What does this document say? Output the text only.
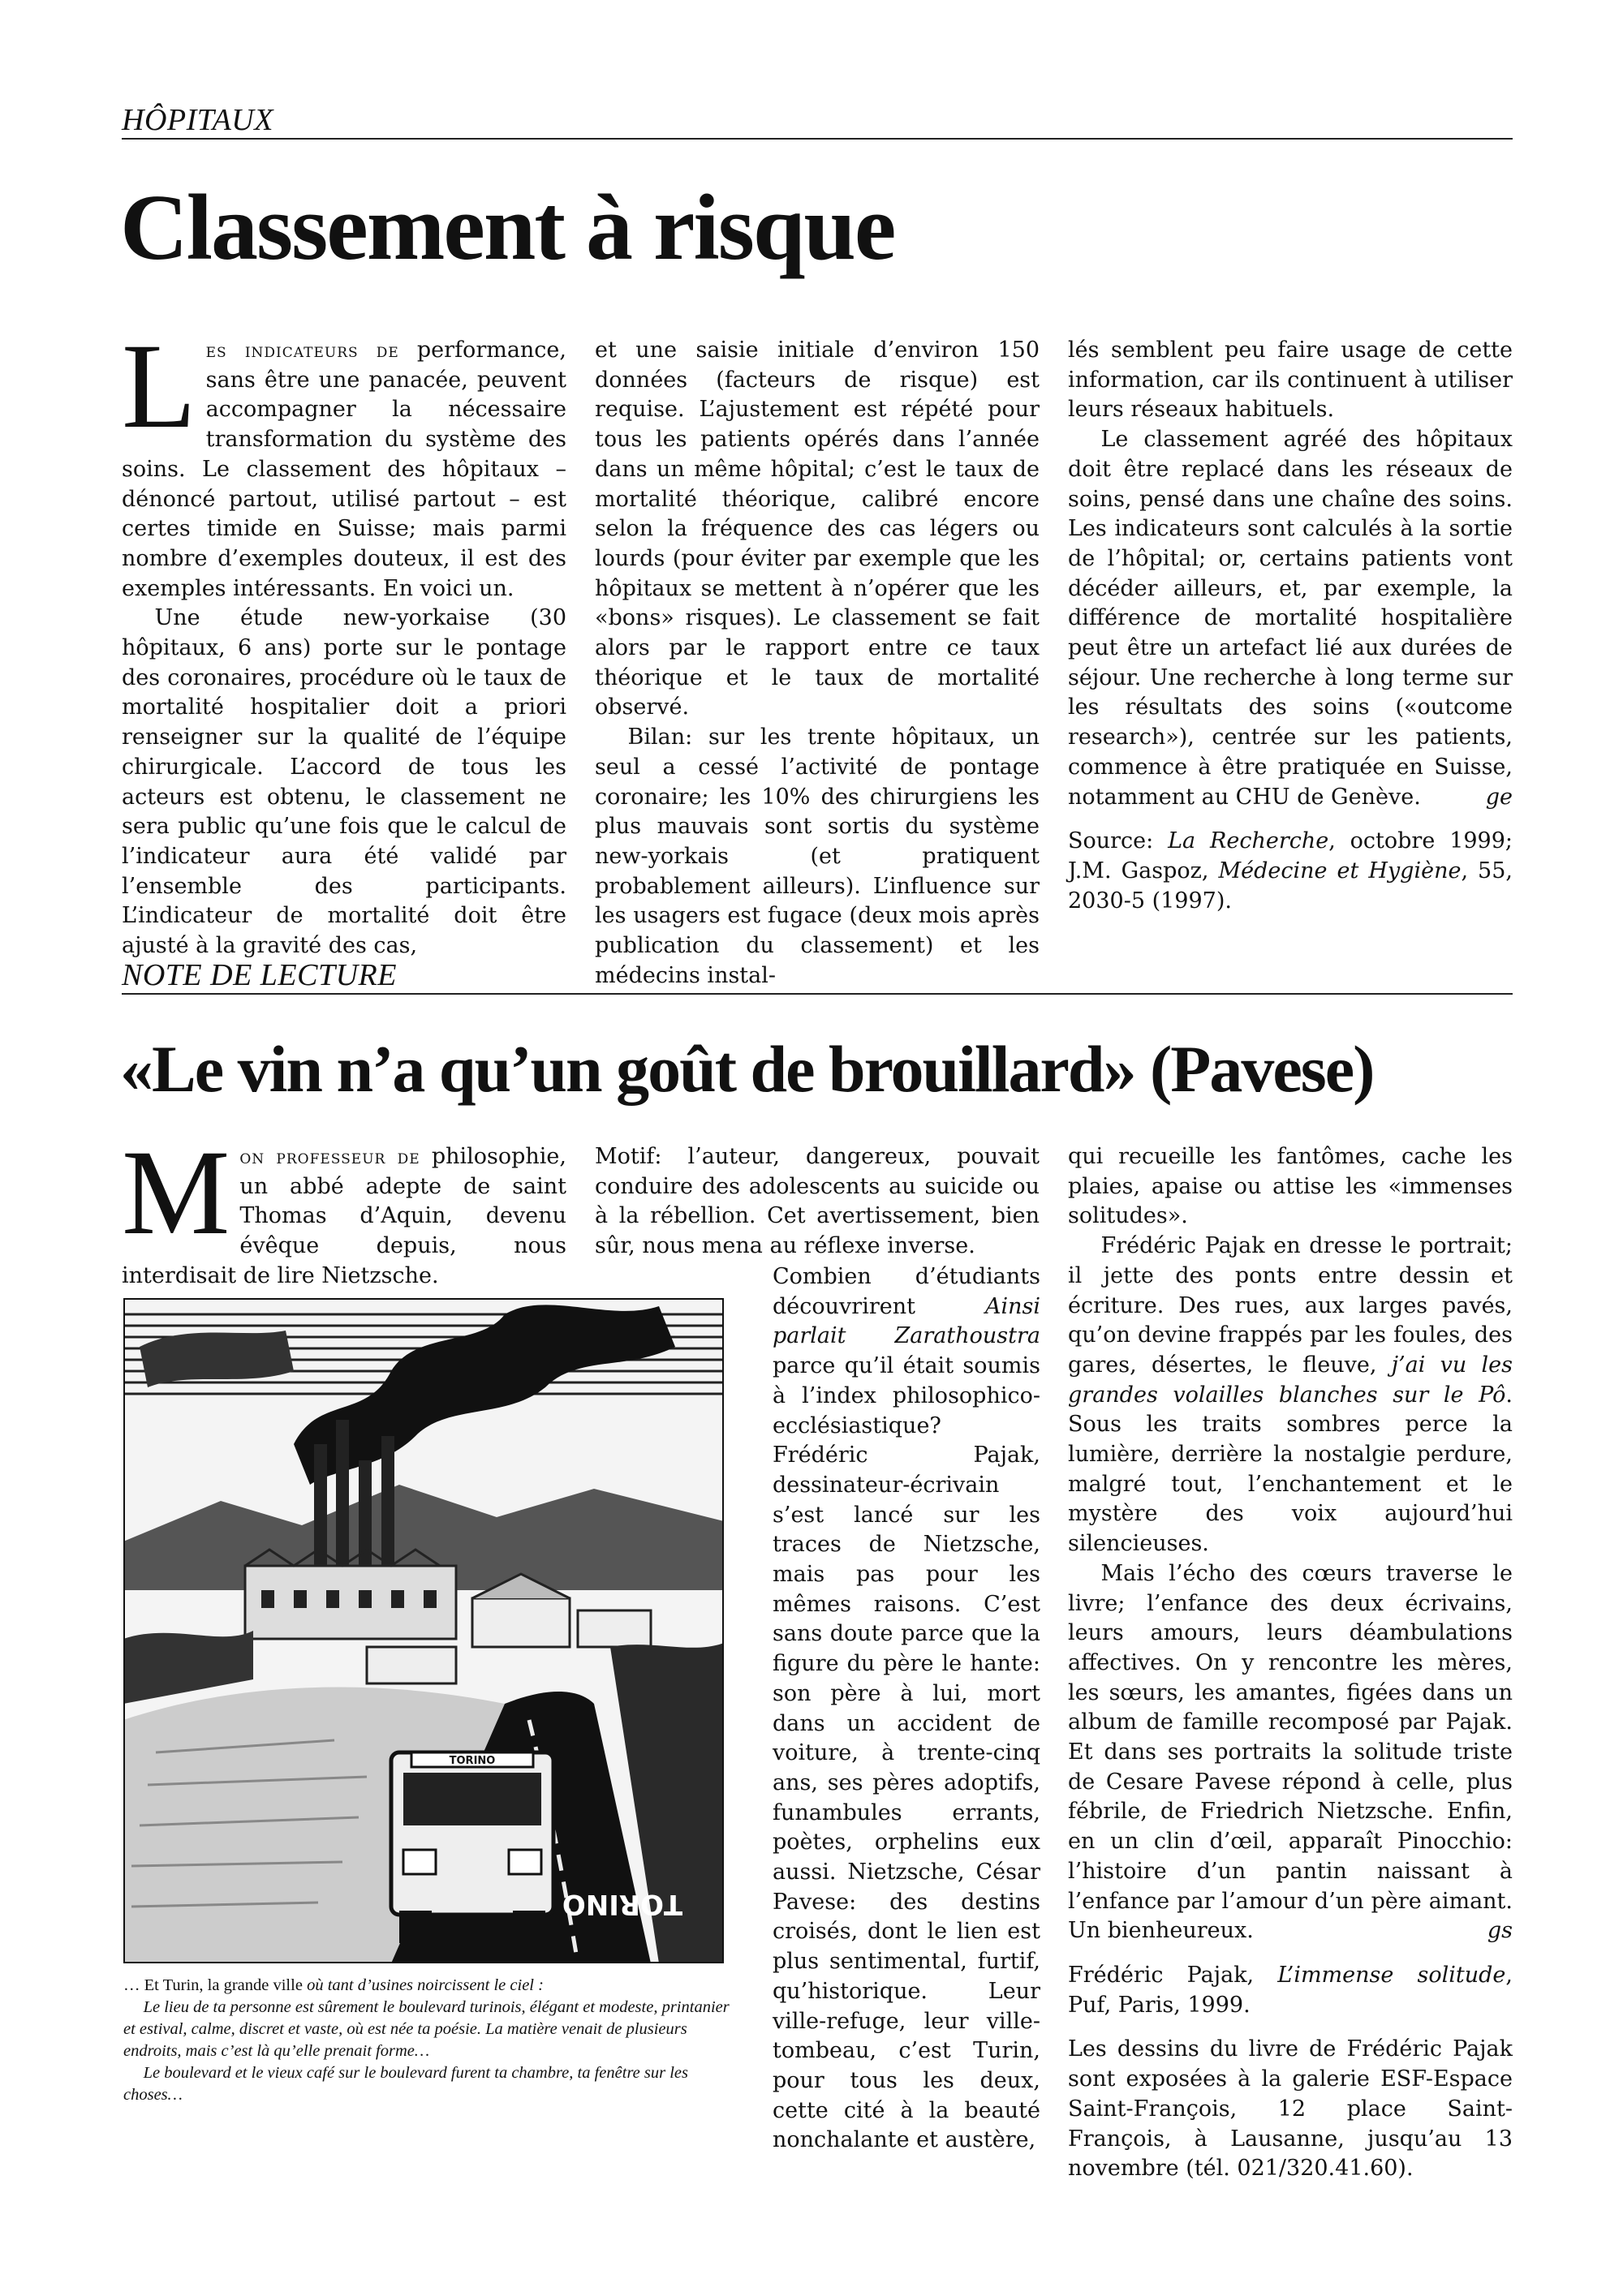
HÔPITAUX
Classement à risque

Les indicateurs de performance, sans être une panacée, peuvent accompagner la nécessaire transformation du système des soins. Le classement des hôpitaux – dénoncé partout, utilisé partout – est certes timide en Suisse; mais parmi nombre d’exemples douteux, il est des exemples intéressants. En voici un.

Une étude new-yorkaise (30 hôpitaux, 6 ans) porte sur le pontage des coronaires, procédure où le taux de mortalité hospitalier doit a priori renseigner sur la qualité de l’équipe chirurgicale. L’accord de tous les acteurs est obtenu, le classement ne sera public qu’une fois que le calcul de l’indicateur aura été validé par l’ensemble des participants. L’indicateur de mortalité doit être ajusté à la gravité des cas,

et une saisie initiale d’environ 150 données (facteurs de risque) est requise. L’ajustement est répété pour tous les patients opérés dans l’année dans un même hôpital; c’est le taux de mortalité théorique, calibré encore selon la fréquence des cas légers ou lourds (pour éviter par exemple que les hôpitaux se mettent à n’opérer que les «bons» risques). Le classement se fait alors par le rapport entre ce taux théorique et le taux de mortalité observé.

Bilan: sur les trente hôpitaux, un seul a cessé l’activité de pontage coronaire; les 10% des chirurgiens les plus mauvais sont sortis du système new-yorkais (et pratiquent probablement ailleurs). L’influence sur les usagers est fugace (deux mois après publication du classement) et les médecins instal-

lés semblent peu faire usage de cette information, car ils continuent à utiliser leurs réseaux habituels.

Le classement agréé des hôpitaux doit être replacé dans les réseaux de soins, pensé dans une chaîne des soins. Les indicateurs sont calculés à la sortie de l’hôpital; or, certains patients vont décéder ailleurs, et, par exemple, la différence de mortalité hospitalière peut être un artefact lié aux durées de séjour. Une recherche à long terme sur les résultats des soins («outcome research»), centrée sur les patients, commence à être pratiquée en Suisse, notamment au CHU de Genève.	ge

Source: La Recherche, octobre 1999; J.M. Gaspoz, Médecine et Hygiène, 55, 2030-5 (1997).

NOTE DE LECTURE
«Le vin n’a qu’un goût de brouillard» (Pavese)

Mon professeur de philosophie, un abbé adepte de saint Thomas d’Aquin, devenu évêque depuis, nous interdisait de lire Nietzsche.

Motif: l’auteur, dangereux, pouvait conduire des adolescents au suicide ou à la rébellion. Cet avertissement, bien sûr, nous mena au réflexe inverse.

Combien d’étudiants découvrirent Ainsi parlait Zarathoustra parce qu’il était soumis à l’index philosophico-ecclésiastique? Frédéric Pajak, dessinateur-écrivain s’est lancé sur les traces de Nietzsche, mais pas pour les mêmes raisons. C’est sans doute parce que la figure du père le hante: son père à lui, mort dans un accident de voiture, à trente-cinq ans, ses pères adoptifs, funambules errants, poètes, orphelins eux aussi. Nietzsche, César Pavese: des destins croisés, dont le lien est plus sentimental, furtif, qu’historique. Leur ville-refuge, leur ville-tombeau, c’est Turin, pour tous les deux, cette cité à la beauté nonchalante et austère,

qui recueille les fantômes, cache les plaies, apaise ou attise les «immenses solitudes».

Frédéric Pajak en dresse le portrait; il jette des ponts entre dessin et écriture. Des rues, aux larges pavés, qu’on devine frappés par les foules, des gares, désertes, le fleuve, j’ai vu les grandes volailles blanches sur le Pô. Sous les traits sombres perce la lumière, derrière la nostalgie perdure, malgré tout, l’enchantement et le mystère des voix aujourd’hui silencieuses.

Mais l’écho des cœurs traverse le livre; l’enfance des deux écrivains, leurs amours, leurs déambulations affectives. On y rencontre les mères, les sœurs, les amantes, figées dans un album de famille recomposé par Pajak. Et dans ses portraits la solitude triste de Cesare Pavese répond à celle, plus fébrile, de Friedrich Nietzsche. Enfin, en un clin d’œil, apparaît Pinocchio: l’histoire d’un pantin naissant à l’enfance par l’amour d’un père aimant. Un bienheureux.	gs

Frédéric Pajak, L’immense solitude, Puf, Paris, 1999.

Les dessins du livre de Frédéric Pajak sont exposées à la galerie ESF-Espace Saint-François, 12 place Saint-François, à Lausanne, jusqu’au 13 novembre (tél. 021/320.41.60).

TORINO
TORINO

… Et Turin, la grande ville où tant d’usines noircissent le ciel :

Le lieu de ta personne est sûrement le boulevard turinois, élégant et modeste, printanier et estival, calme, discret et vaste, où est née ta poésie. La matière venait de plusieurs endroits, mais c’est là qu’elle prenait forme…

Le boulevard et le vieux café sur le boulevard furent ta chambre, ta fenêtre sur les choses…
